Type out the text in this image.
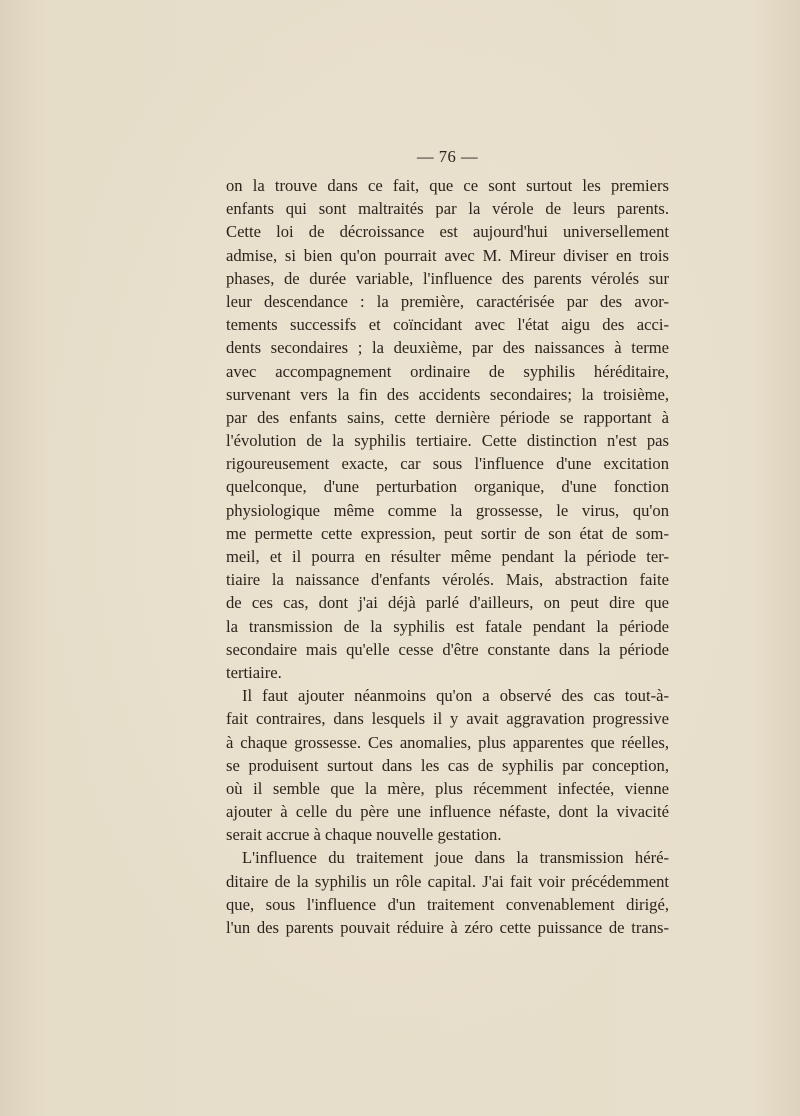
— 76 —
on la trouve dans ce fait, que ce sont surtout les premiers
enfants qui sont maltraités par la vérole de leurs parents.
Cette loi de décroissance est aujourd'hui universellement
admise, si bien qu'on pourrait avec M. Mireur diviser en trois
phases, de durée variable, l'influence des parents vérolés sur
leur descendance : la première, caractérisée par des avor-
tements successifs et coïncidant avec l'état aigu des acci-
dents secondaires ; la deuxième, par des naissances à terme
avec accompagnement ordinaire de syphilis héréditaire,
survenant vers la fin des accidents secondaires; la troisième,
par des enfants sains, cette dernière période se rapportant à
l'évolution de la syphilis tertiaire. Cette distinction n'est pas
rigoureusement exacte, car sous l'influence d'une excitation
quelconque, d'une perturbation organique, d'une fonction
physiologique même comme la grossesse, le virus, qu'on
me permette cette expression, peut sortir de son état de som-
meil, et il pourra en résulter même pendant la période ter-
tiaire la naissance d'enfants vérolés. Mais, abstraction faite
de ces cas, dont j'ai déjà parlé d'ailleurs, on peut dire que
la transmission de la syphilis est fatale pendant la période
secondaire mais qu'elle cesse d'être constante dans la période
tertiaire.
Il faut ajouter néanmoins qu'on a observé des cas tout-à-
fait contraires, dans lesquels il y avait aggravation progressive
à chaque grossesse. Ces anomalies, plus apparentes que réelles,
se produisent surtout dans les cas de syphilis par conception,
où il semble que la mère, plus récemment infectée, vienne
ajouter à celle du père une influence néfaste, dont la vivacité
serait accrue à chaque nouvelle gestation.
L'influence du traitement joue dans la transmission héré-
ditaire de la syphilis un rôle capital. J'ai fait voir précédemment
que, sous l'influence d'un traitement convenablement dirigé,
l'un des parents pouvait réduire à zéro cette puissance de trans-
